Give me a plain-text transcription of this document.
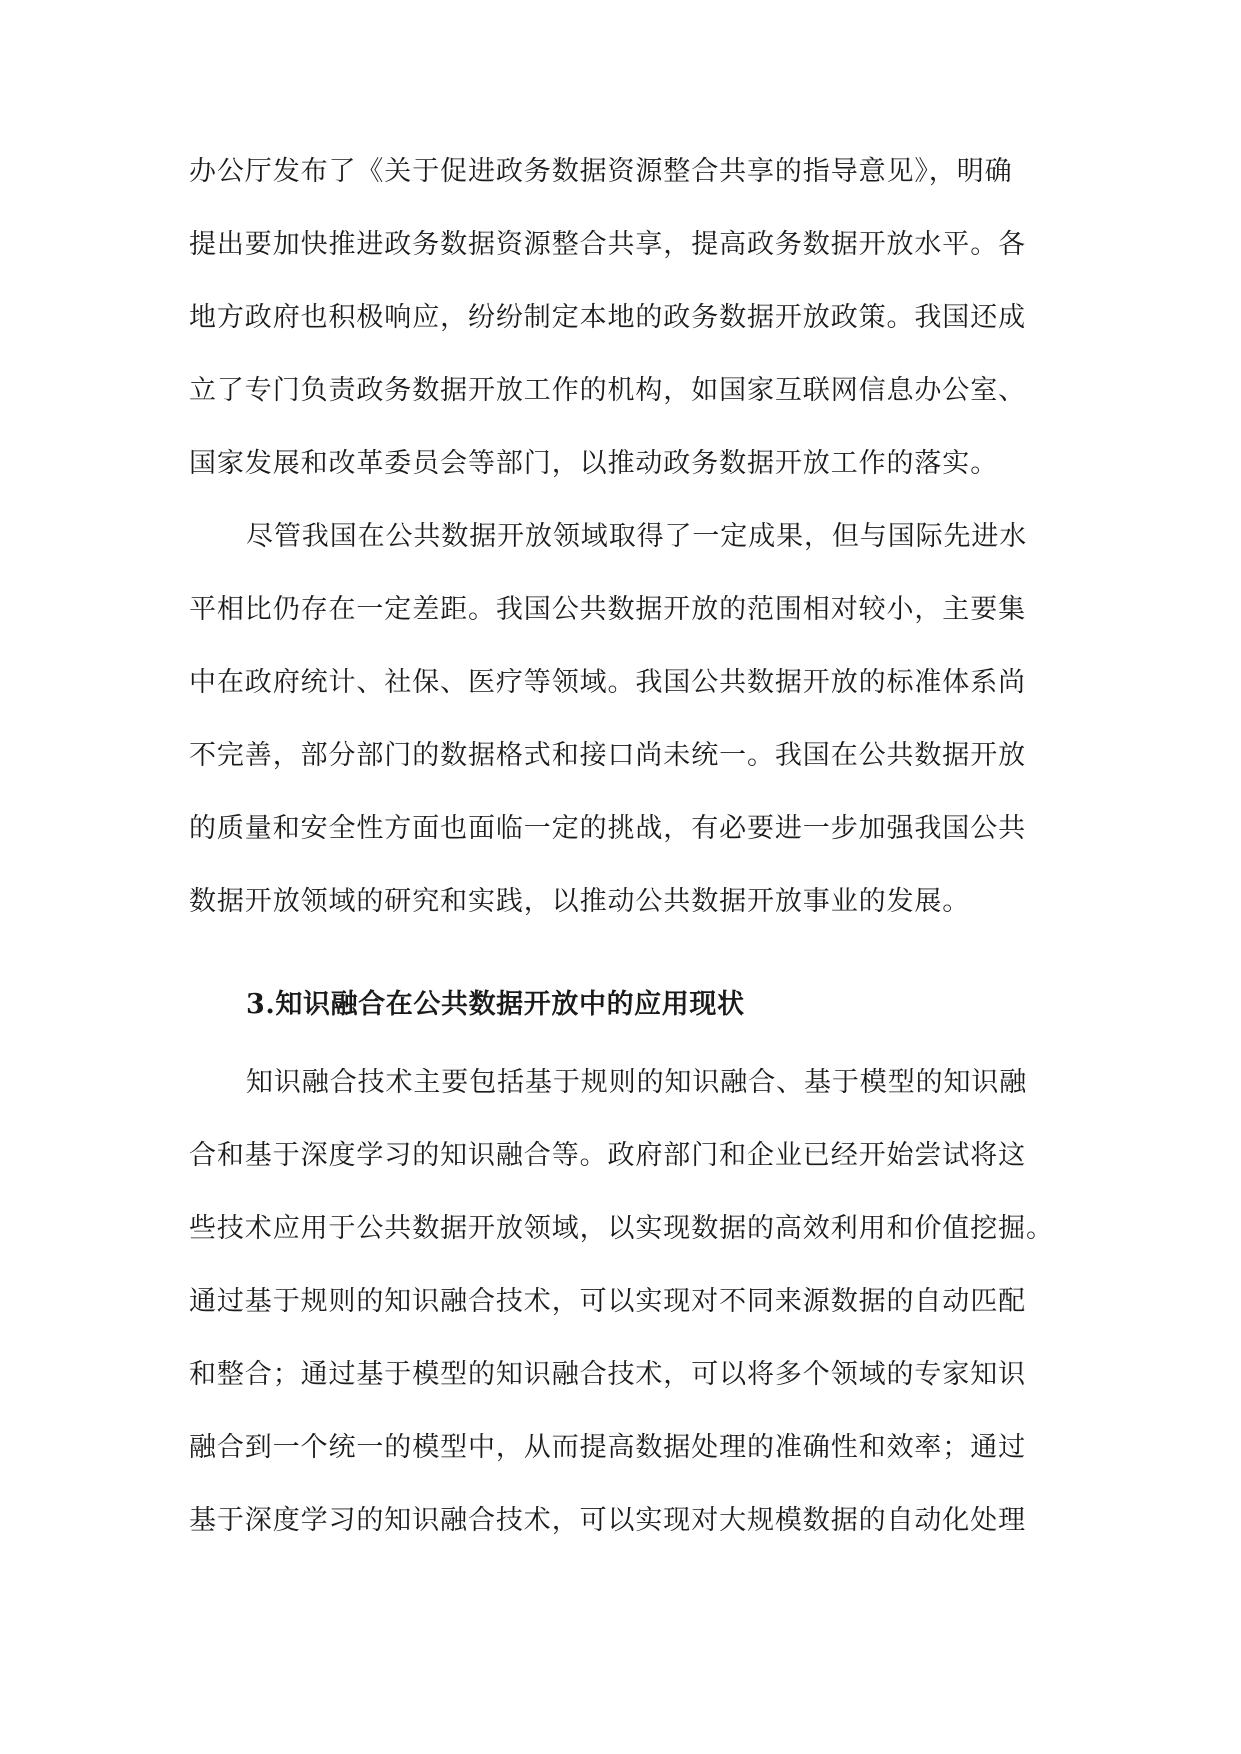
办公厅发布了《关于促进政务数据资源整合共享的指导意见》，明确
提出要加快推进政务数据资源整合共享，提高政务数据开放水平。各
地方政府也积极响应，纷纷制定本地的政务数据开放政策。我国还成
立了专门负责政务数据开放工作的机构，如国家互联网信息办公室、
国家发展和改革委员会等部门，以推动政务数据开放工作的落实。
尽管我国在公共数据开放领域取得了一定成果，但与国际先进水
平相比仍存在一定差距。我国公共数据开放的范围相对较小，主要集
中在政府统计、社保、医疗等领域。我国公共数据开放的标准体系尚
不完善，部分部门的数据格式和接口尚未统一。我国在公共数据开放
的质量和安全性方面也面临一定的挑战，有必要进一步加强我国公共
数据开放领域的研究和实践，以推动公共数据开放事业的发展。
3.知识融合在公共数据开放中的应用现状
知识融合技术主要包括基于规则的知识融合、基于模型的知识融
合和基于深度学习的知识融合等。政府部门和企业已经开始尝试将这
些技术应用于公共数据开放领域，以实现数据的高效利用和价值挖掘。
通过基于规则的知识融合技术，可以实现对不同来源数据的自动匹配
和整合；通过基于模型的知识融合技术，可以将多个领域的专家知识
融合到一个统一的模型中，从而提高数据处理的准确性和效率；通过
基于深度学习的知识融合技术，可以实现对大规模数据的自动化处理
